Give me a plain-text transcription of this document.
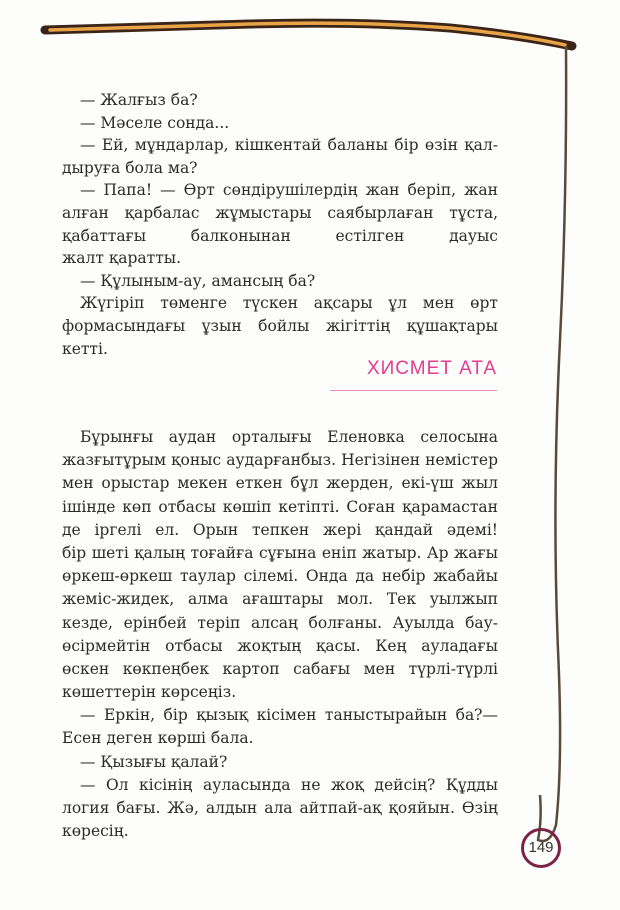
— Жалғыз ба?
— Мәселе сонда...
— Ей, мұндарлар, кішкентай баланы бір өзін қал-
дыруға бола ма?
— Папа! — Өрт сөндірушілердің жан беріп, жан
алған қарбалас жұмыстары саябырлаған тұста,
қабаттағы балконынан естілген дауыс
жалт қаратты.
— Құлыным-ау, амансың ба?
Жүгіріп төменге түскен ақсары ұл мен өрт
формасындағы ұзын бойлы жігіттің құшақтары
кетті.
ХИСМЕТ АТА
Бұрынғы аудан орталығы Еленовка селосына
жазғытұрым қоныс аударғанбыз. Негізінен немістер
мен орыстар мекен еткен бұл жерден, екі-үш жыл
ішінде көп отбасы көшіп кетіпті. Соған қарамастан
де іргелі ел. Орын тепкен жері қандай әдемі!
бір шеті қалың тоғайға сұғына еніп жатыр. Ар жағы
өркеш-өркеш таулар сілемі. Онда да небір жабайы
жеміс-жидек, алма ағаштары мол. Тек уылжып
кезде, ерінбей теріп алсаң болғаны. Ауылда бау-
өсірмейтін отбасы жоқтың қасы. Кең ауладағы
өскен көкпеңбек картоп сабағы мен түрлі-түрлі
көшеттерін көрсеңіз.
— Еркін, бір қызық кісімен таныстырайын ба?—
Есен деген көрші бала.
— Қызығы қалай?
— Ол кісінің ауласында не жоқ дейсің? Құдды
логия бағы. Жә, алдын ала айтпай-ақ қояйын. Өзің
көресің.
149
